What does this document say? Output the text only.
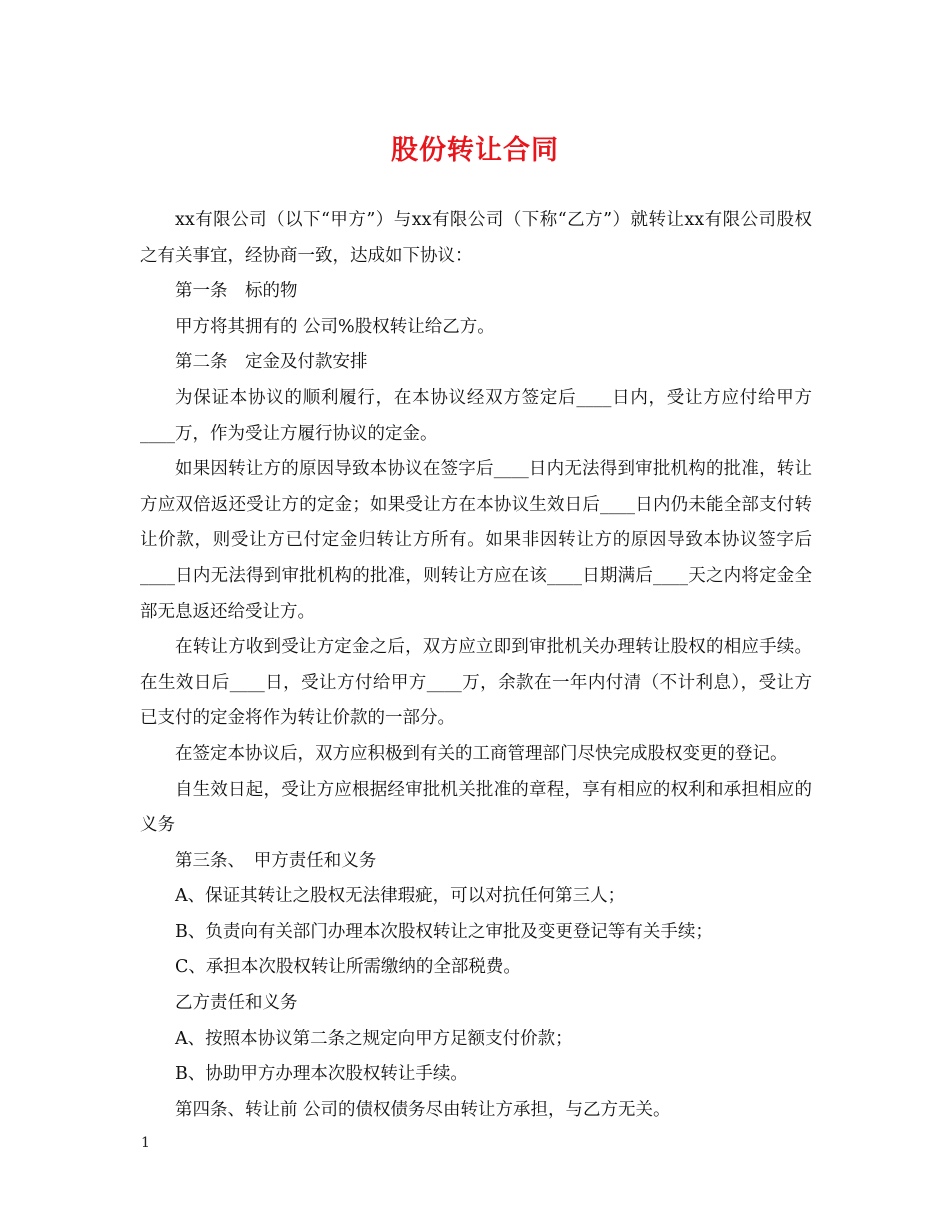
股份转让合同

xx有限公司（以下“甲方”）与xx有限公司（下称“乙方”）就转让xx有限公司股权之有关事宜，经协商一致，达成如下协议：

第一条　标的物

甲方将其拥有的 公司%股权转让给乙方。

第二条　定金及付款安排

为保证本协议的顺利履行，在本协议经双方签定后____日内，受让方应付给甲方____万，作为受让方履行协议的定金。

如果因转让方的原因导致本协议在签字后____日内无法得到审批机构的批准，转让方应双倍返还受让方的定金；如果受让方在本协议生效日后____日内仍未能全部支付转让价款，则受让方已付定金归转让方所有。如果非因转让方的原因导致本协议签字后____日内无法得到审批机构的批准，则转让方应在该____日期满后____天之内将定金全部无息返还给受让方。

在转让方收到受让方定金之后，双方应立即到审批机关办理转让股权的相应手续。在生效日后____日，受让方付给甲方____万，余款在一年内付清（不计利息），受让方已支付的定金将作为转让价款的一部分。

在签定本协议后，双方应积极到有关的工商管理部门尽快完成股权变更的登记。

自生效日起，受让方应根据经审批机关批准的章程，享有相应的权利和承担相应的义务

第三条、　甲方责任和义务

A、保证其转让之股权无法律瑕疵，可以对抗任何第三人；

B、负责向有关部门办理本次股权转让之审批及变更登记等有关手续；

C、承担本次股权转让所需缴纳的全部税费。

乙方责任和义务

A、按照本协议第二条之规定向甲方足额支付价款；

B、协助甲方办理本次股权转让手续。

第四条、转让前 公司的债权债务尽由转让方承担，与乙方无关。

1
